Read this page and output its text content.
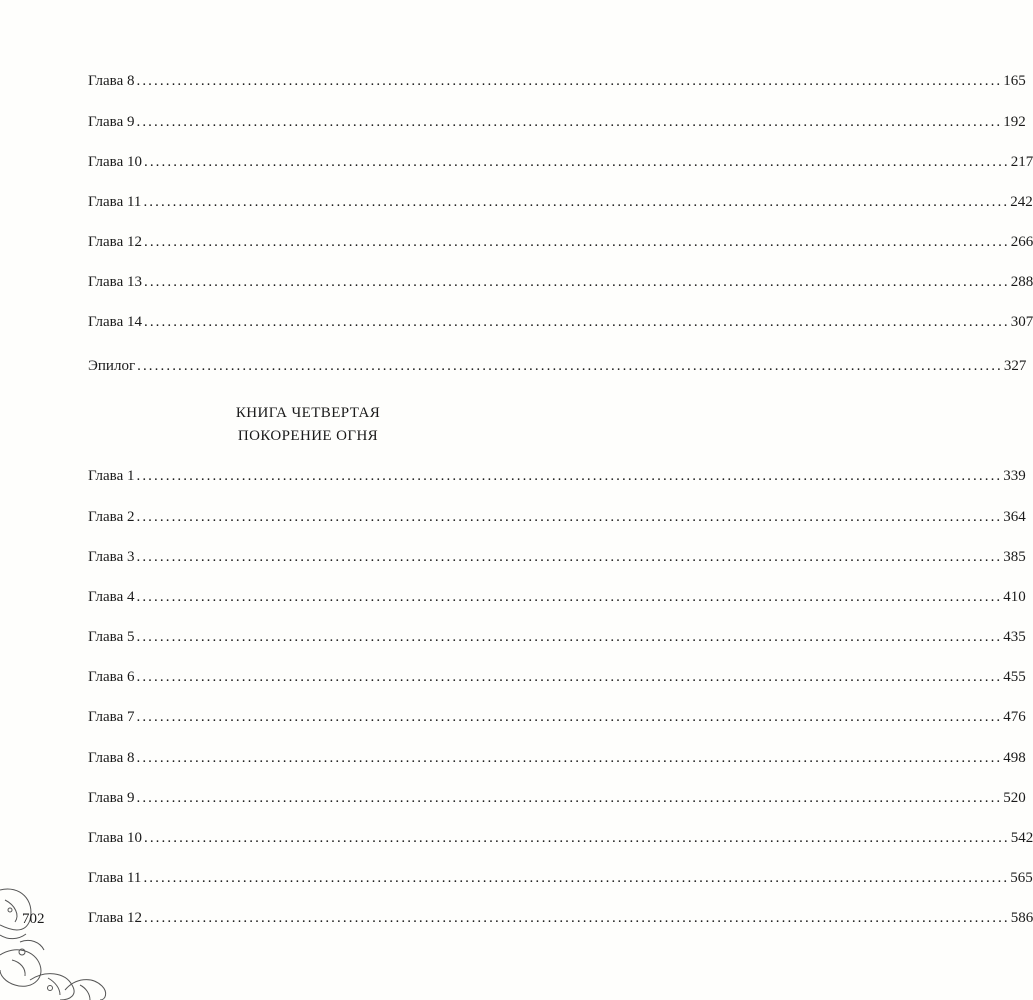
Глава 8 .................................................................................................................................................... 165
Глава 9 .................................................................................................................................................... 192
Глава 10 .................................................................................................................................................... 217
Глава 11 .................................................................................................................................................... 242
Глава 12 .................................................................................................................................................... 266
Глава 13 .................................................................................................................................................... 288
Глава 14 .................................................................................................................................................... 307
Эпилог .................................................................................................................................................... 327
КНИГА ЧЕТВЕРТАЯ
ПОКОРЕНИЕ ОГНЯ
Глава 1 .................................................................................................................................................... 339
Глава 2 .................................................................................................................................................... 364
Глава 3 .................................................................................................................................................... 385
Глава 4 .................................................................................................................................................... 410
Глава 5 .................................................................................................................................................... 435
Глава 6 .................................................................................................................................................... 455
Глава 7 .................................................................................................................................................... 476
Глава 8 .................................................................................................................................................... 498
Глава 9 .................................................................................................................................................... 520
Глава 10 .................................................................................................................................................... 542
Глава 11 .................................................................................................................................................... 565
Глава 12 .................................................................................................................................................... 586
702
